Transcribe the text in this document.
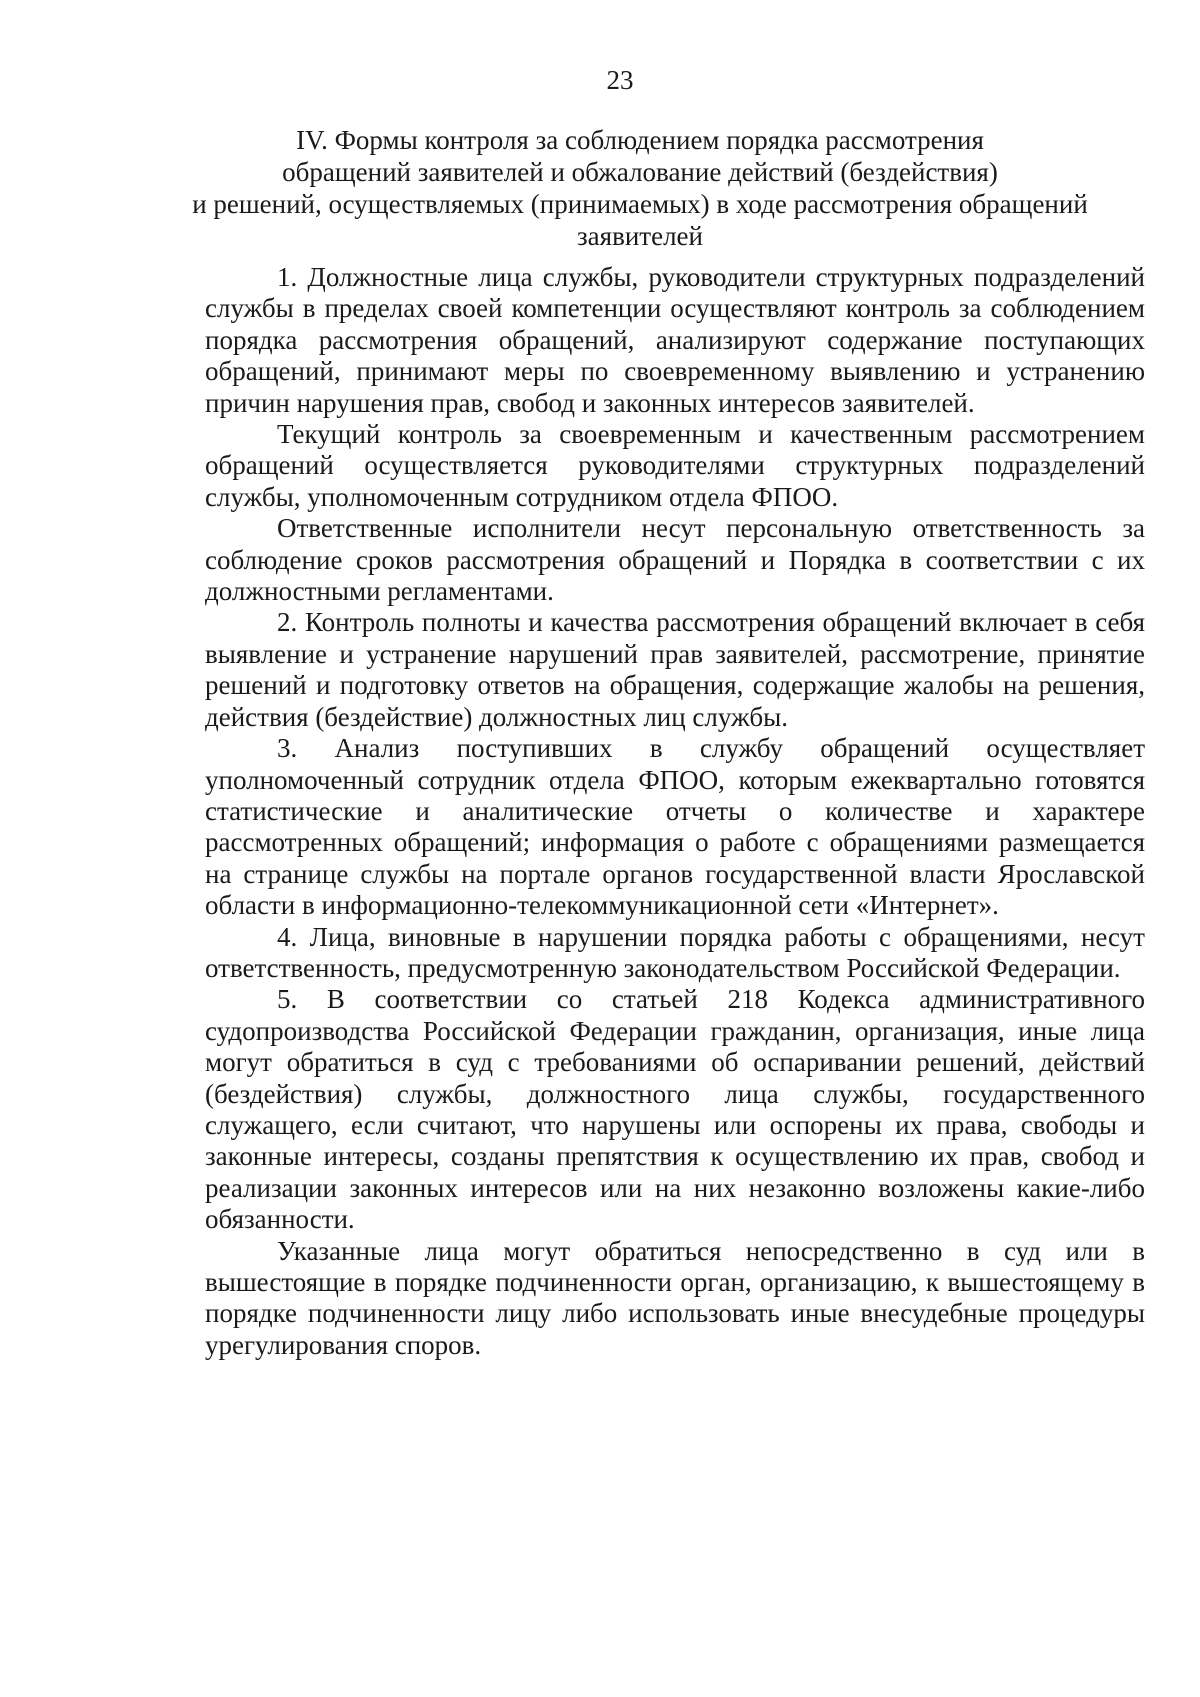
23
IV. Формы контроля за соблюдением порядка рассмотрения
обращений заявителей и обжалование действий (бездействия)
и решений, осуществляемых (принимаемых) в ходе рассмотрения обращений
заявителей

1. Должностные лица службы, руководители структурных подразделений службы в пределах своей компетенции осуществляют контроль за соблюдением порядка рассмотрения обращений, анализируют содержание поступающих обращений, принимают меры по своевременному выявлению и устранению причин нарушения прав, свобод и законных интересов заявителей.

Текущий контроль за своевременным и качественным рассмотрением обращений осуществляется руководителями структурных подразделений службы, уполномоченным сотрудником отдела ФПОО.

Ответственные исполнители несут персональную ответственность за соблюдение сроков рассмотрения обращений и Порядка в соответствии с их должностными регламентами.

2. Контроль полноты и качества рассмотрения обращений включает в себя выявление и устранение нарушений прав заявителей, рассмотрение, принятие решений и подготовку ответов на обращения, содержащие жалобы на решения, действия (бездействие) должностных лиц службы.

3. Анализ поступивших в службу обращений осуществляет уполномоченный сотрудник отдела ФПОО, которым ежеквартально готовятся статистические и аналитические отчеты о количестве и характере рассмотренных обращений; информация о работе с обращениями размещается на странице службы на портале органов государственной власти Ярославской области в информационно-телекоммуникационной сети «Интернет».

4. Лица, виновные в нарушении порядка работы с обращениями, несут ответственность, предусмотренную законодательством Российской Федерации.

5. В соответствии со статьей 218 Кодекса административного судопроизводства Российской Федерации гражданин, организация, иные лица могут обратиться в суд с требованиями об оспаривании решений, действий (бездействия) службы, должностного лица службы, государственного служащего, если считают, что нарушены или оспорены их права, свободы и законные интересы, созданы препятствия к осуществлению их прав, свобод и реализации законных интересов или на них незаконно возложены какие-либо обязанности.

Указанные лица могут обратиться непосредственно в суд или в вышестоящие в порядке подчиненности орган, организацию, к вышестоящему в порядке подчиненности лицу либо использовать иные внесудебные процедуры урегулирования споров.
